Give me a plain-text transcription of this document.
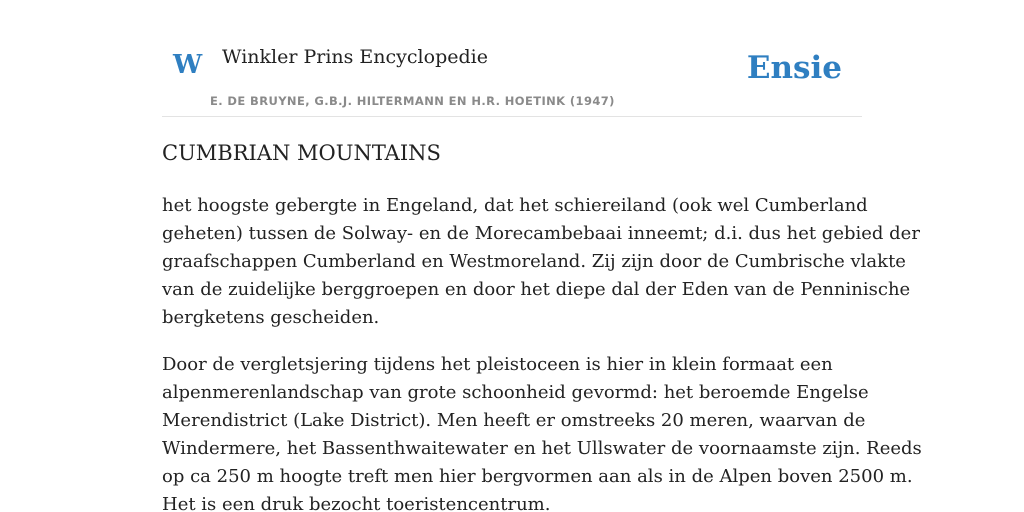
W Winkler Prins Encyclopedie
E. DE BRUYNE, G.B.J. HILTERMANN EN H.R. HOETINK (1947)
Ensie
CUMBRIAN MOUNTAINS

het hoogste gebergte in Engeland, dat het schiereiland (ook wel Cumberland
geheten) tussen de Solway- en de Morecambebaai inneemt; d.i. dus het gebied der
graafschappen Cumberland en Westmoreland. Zij zijn door de Cumbrische vlakte
van de zuidelijke berggroepen en door het diepe dal der Eden van de Penninische
bergketens gescheiden.

Door de vergletsjering tijdens het pleistoceen is hier in klein formaat een
alpenmerenlandschap van grote schoonheid gevormd: het beroemde Engelse
Merendistrict (Lake District). Men heeft er omstreeks 20 meren, waarvan de
Windermere, het Bassenthwaitewater en het Ullswater de voornaamste zijn. Reeds
op ca 250 m hoogte treft men hier bergvormen aan als in de Alpen boven 2500 m.
Het is een druk bezocht toeristencentrum.
